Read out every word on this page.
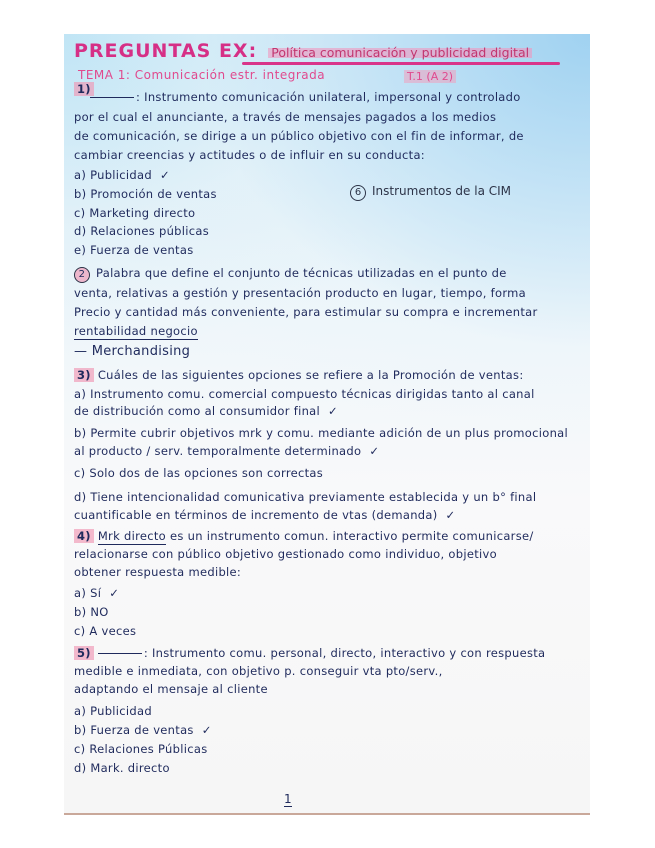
PREGUNTAS EX: Política comunicación y publicidad digital
TEMA 1: Comunicación estr. integrada	T.1 (A 2)
1)
: Instrumento comunicación unilateral, impersonal y controlado
por el cual el anunciante, a través de mensajes pagados a los medios
de comunicación, se dirige a un público objetivo con el fin de informar, de
cambiar creencias y actitudes o de influir en su conducta:
a) Publicidad ✓
b) Promoción de ventas
c) Marketing directo
d) Relaciones públicas
e) Fuerza de ventas
6 Instrumentos de la CIM
2 Palabra que define el conjunto de técnicas utilizadas en el punto de
venta, relativas a gestión y presentación producto en lugar, tiempo, forma
Precio y cantidad más conveniente, para estimular su compra e incrementar
rentabilidad negocio
— Merchandising
3) Cuáles de las siguientes opciones se refiere a la Promoción de ventas:
a) Instrumento comu. comercial compuesto técnicas dirigidas tanto al canal
de distribución como al consumidor final ✓
b) Permite cubrir objetivos mrk y comu. mediante adición de un plus promocional
al producto / serv. temporalmente determinado ✓
c) Solo dos de las opciones son correctas
d) Tiene intencionalidad comunicativa previamente establecida y un b° final
cuantificable en términos de incremento de vtas (demanda) ✓
4) Mrk directo es un instrumento comun. interactivo permite comunicarse/
relacionarse con público objetivo gestionado como individuo, objetivo
obtener respuesta medible:
a) Sí ✓
b) NO
c) A veces
5)	: Instrumento comu. personal, directo, interactivo y con respuesta
medible e inmediata, con objetivo p. conseguir vta pto/serv.,
adaptando el mensaje al cliente
a) Publicidad
b) Fuerza de ventas ✓
c) Relaciones Públicas
d) Mark. directo
1
